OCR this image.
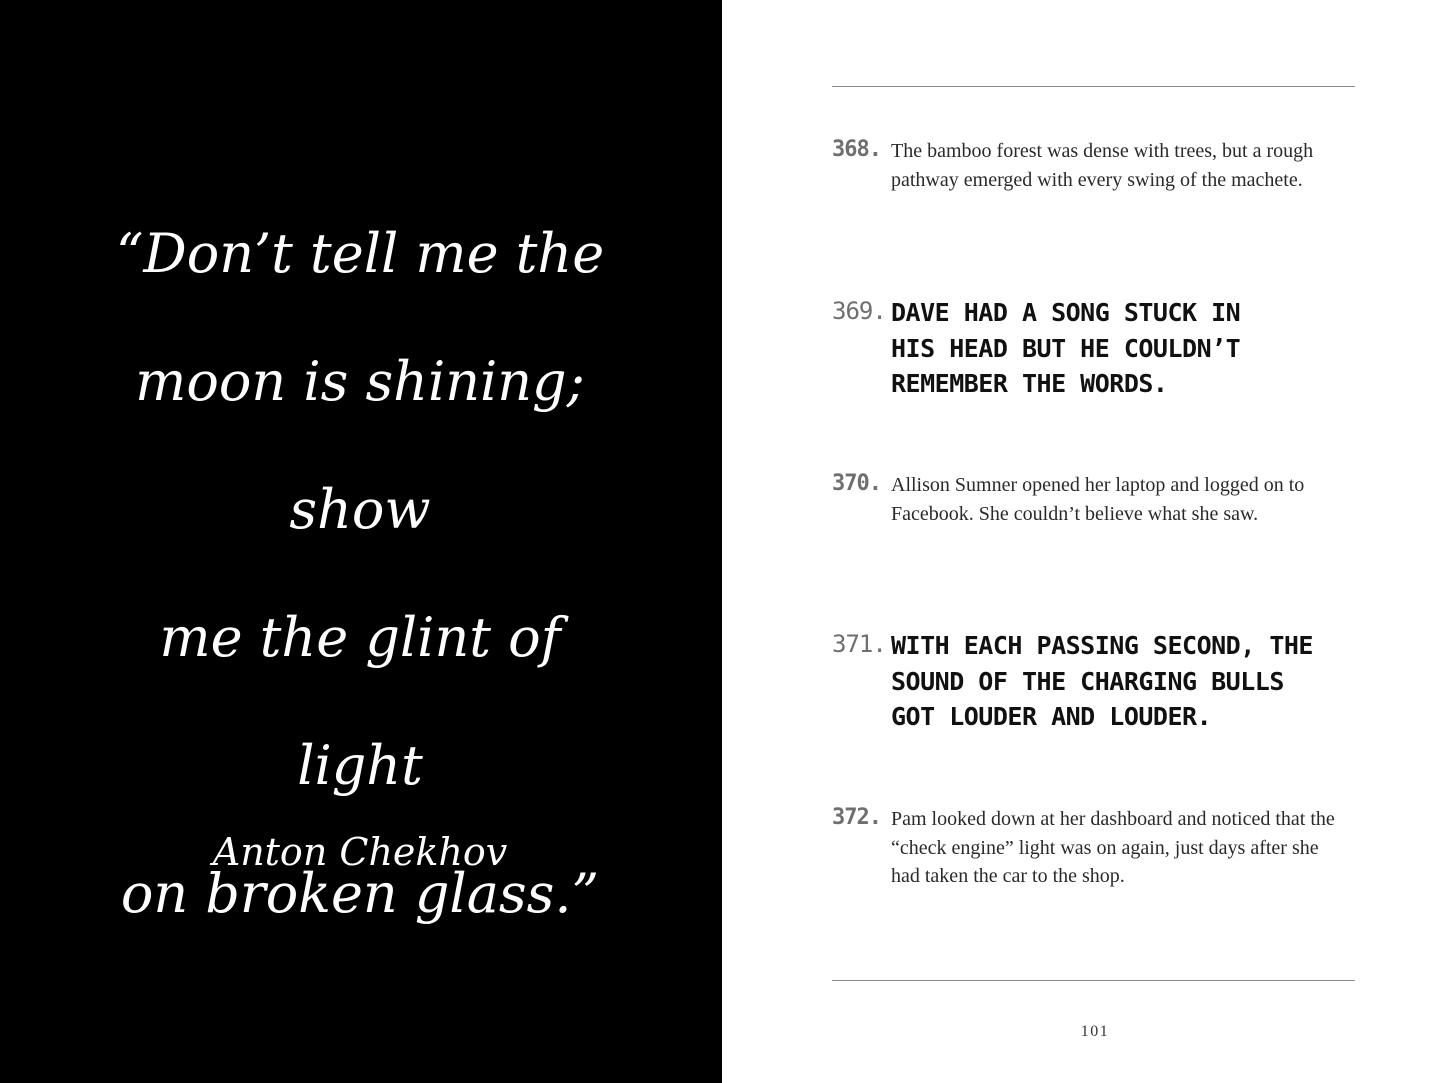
“Don’t tell me the
moon is shining; show
me the glint of light
on broken glass.”
Anton Chekhov
368. The bamboo forest was dense with trees, but a rough pathway emerged with every swing of the machete.
369. DAVE HAD A SONG STUCK IN HIS HEAD BUT HE COULDN’T REMEMBER THE WORDS.
370. Allison Sumner opened her laptop and logged on to Facebook. She couldn’t believe what she saw.
371. WITH EACH PASSING SECOND, THE SOUND OF THE CHARGING BULLS GOT LOUDER AND LOUDER.
372. Pam looked down at her dashboard and noticed that the “check engine” light was on again, just days after she had taken the car to the shop.
101
